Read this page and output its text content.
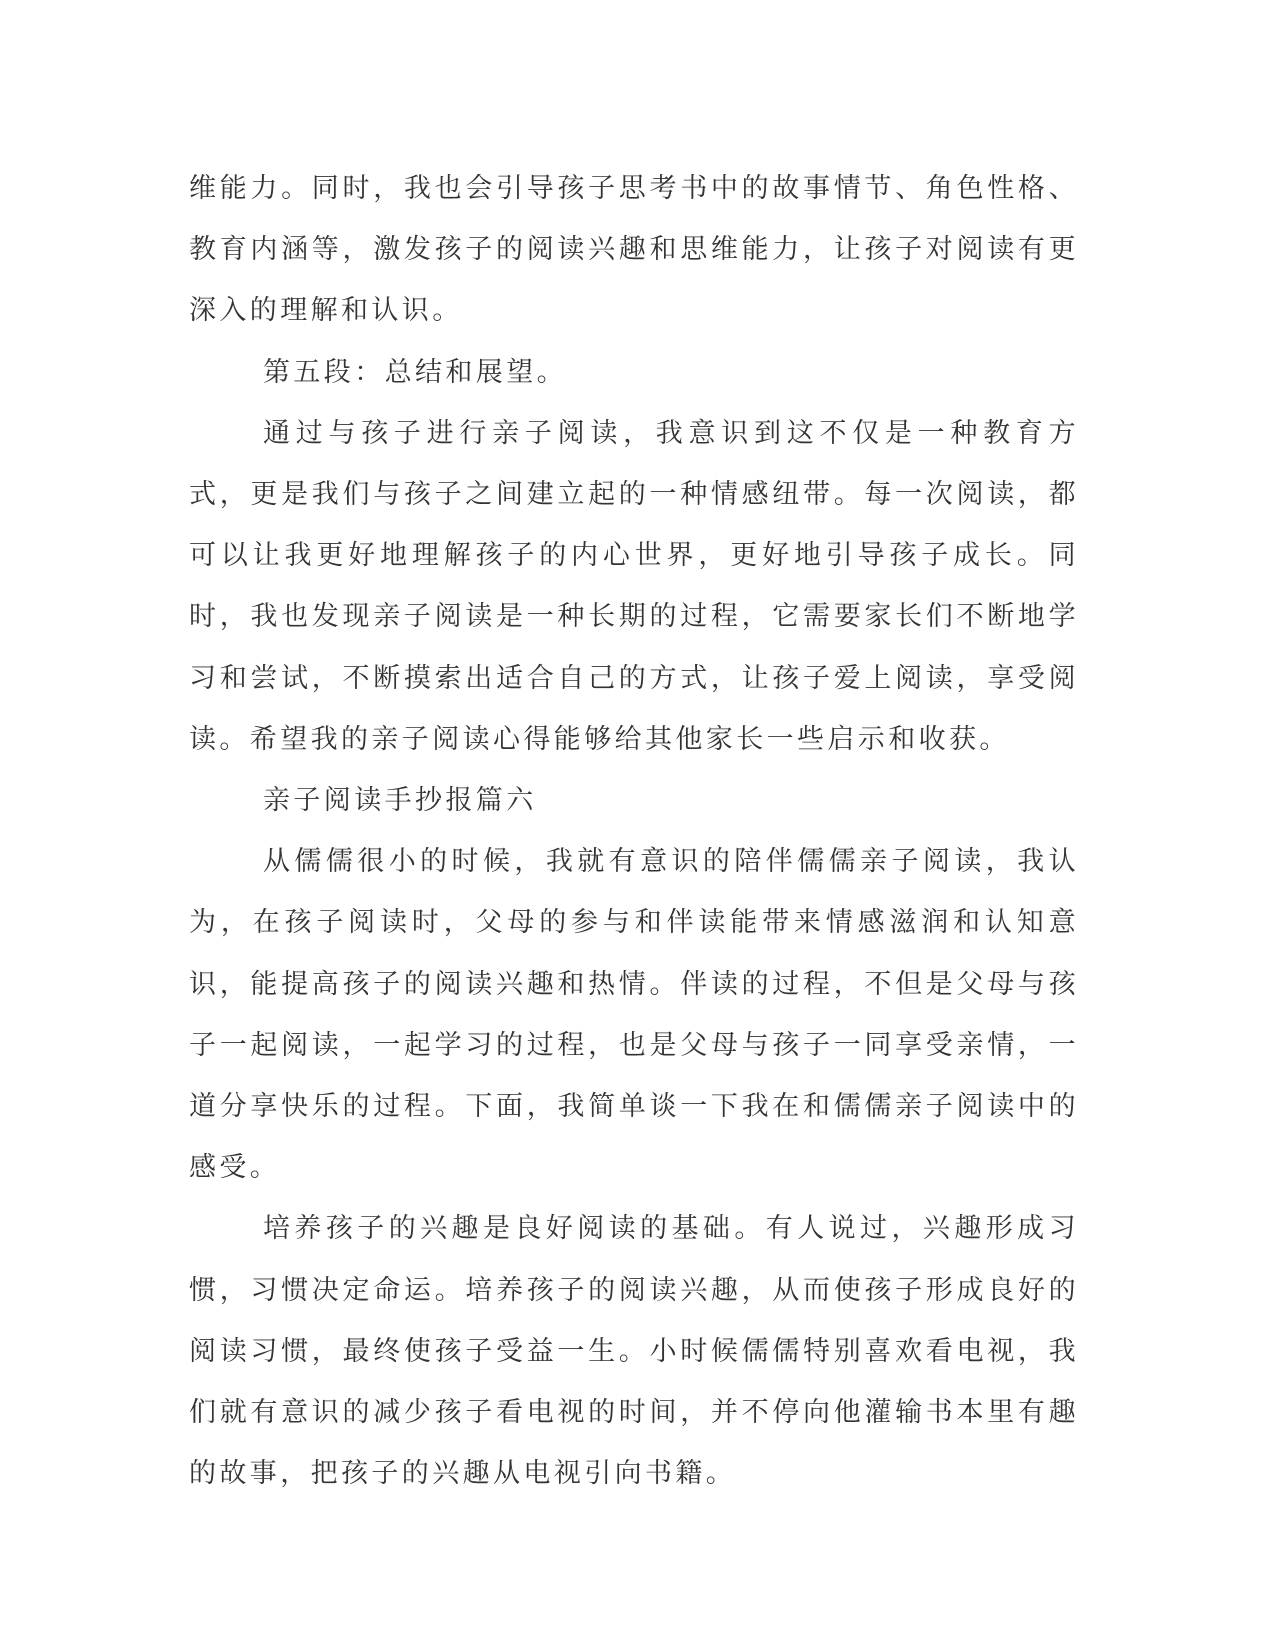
维能力。同时，我也会引导孩子思考书中的故事情节、角色性格、教育内涵等，激发孩子的阅读兴趣和思维能力，让孩子对阅读有更深入的理解和认识。

第五段：总结和展望。

通过与孩子进行亲子阅读，我意识到这不仅是一种教育方式，更是我们与孩子之间建立起的一种情感纽带。每一次阅读，都可以让我更好地理解孩子的内心世界，更好地引导孩子成长。同时，我也发现亲子阅读是一种长期的过程，它需要家长们不断地学习和尝试，不断摸索出适合自己的方式，让孩子爱上阅读，享受阅读。希望我的亲子阅读心得能够给其他家长一些启示和收获。

亲子阅读手抄报篇六

从儒儒很小的时候，我就有意识的陪伴儒儒亲子阅读，我认为，在孩子阅读时，父母的参与和伴读能带来情感滋润和认知意识，能提高孩子的阅读兴趣和热情。伴读的过程，不但是父母与孩子一起阅读，一起学习的过程，也是父母与孩子一同享受亲情，一道分享快乐的过程。下面，我简单谈一下我在和儒儒亲子阅读中的感受。

培养孩子的兴趣是良好阅读的基础。有人说过，兴趣形成习惯，习惯决定命运。培养孩子的阅读兴趣，从而使孩子形成良好的阅读习惯，最终使孩子受益一生。小时候儒儒特别喜欢看电视，我们就有意识的减少孩子看电视的时间，并不停向他灌输书本里有趣的故事，把孩子的兴趣从电视引向书籍。
